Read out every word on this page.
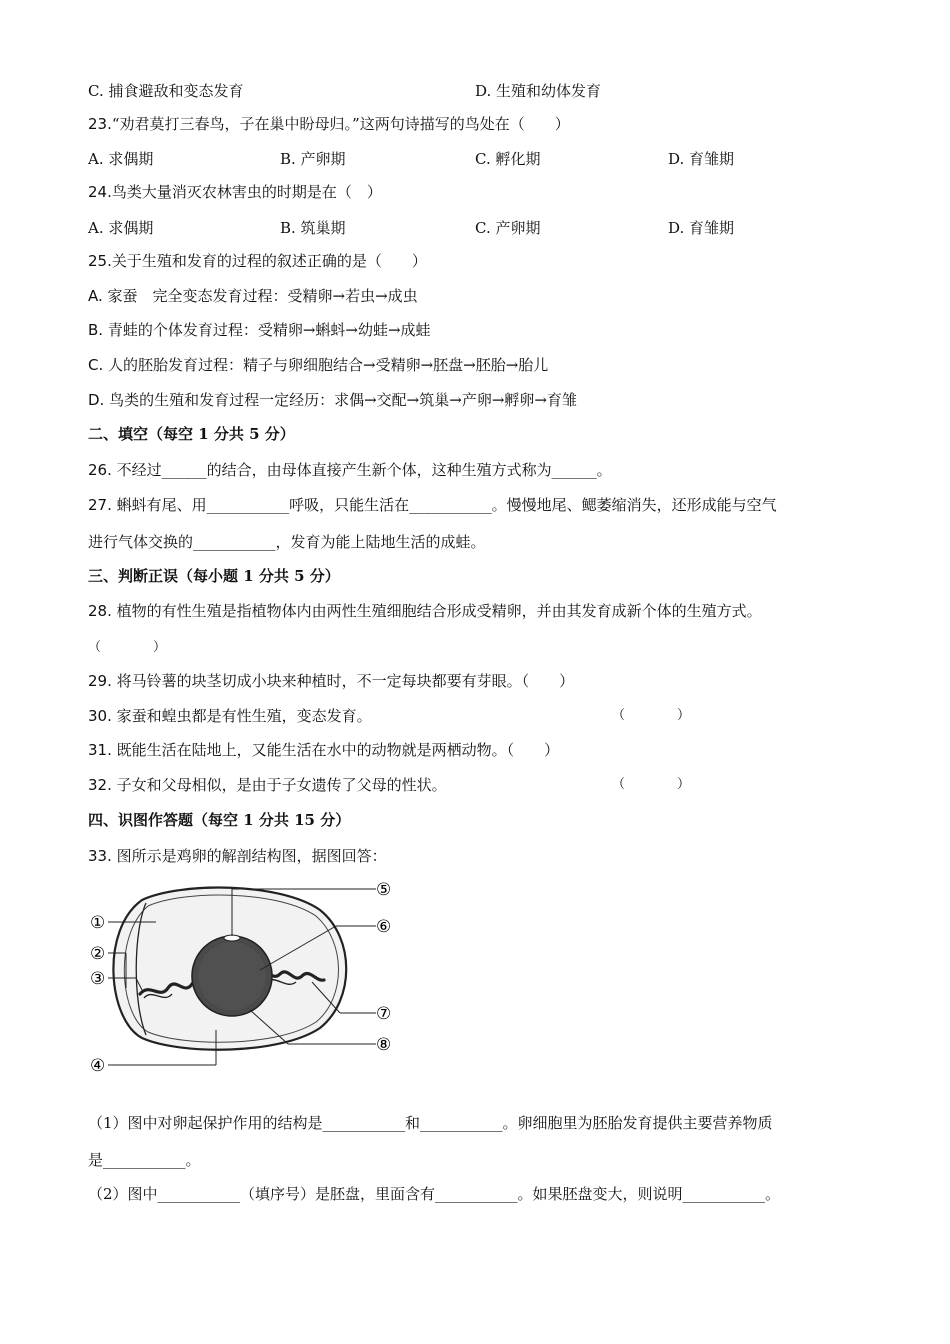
C. 捕食避敌和变态发育	D. 生殖和幼体发育
23.“劝君莫打三春鸟，子在巢中盼母归。”这两句诗描写的鸟处在（　　）
A. 求偶期	B. 产卵期	C. 孵化期	D. 育雏期
24.鸟类大量消灭农林害虫的时期是在（　）
A. 求偶期	B. 筑巢期	C. 产卵期	D. 育雏期
25.关于生殖和发育的过程的叙述正确的是（　　）
A. 家蚕　完全变态发育过程：受精卵→若虫→成虫
B. 青蛙的个体发育过程：受精卵→蝌蚪→幼蛙→成蛙
C. 人的胚胎发育过程：精子与卵细胞结合→受精卵→胚盘→胚胎→胎儿
D. 鸟类的生殖和发育过程一定经历：求偶→交配→筑巢→产卵→孵卵→育雏
二、填空（每空 1 分共 5 分）
26. 不经过______的结合，由母体直接产生新个体，这种生殖方式称为______。
27. 蝌蚪有尾、用___________呼吸，只能生活在___________。慢慢地尾、鳃萎缩消失，还形成能与空气
进行气体交换的___________，发育为能上陆地生活的成蛙。
三、判断正误（每小题 1 分共 5 分）
28. 植物的有性生殖是指植物体内由两性生殖细胞结合形成受精卵，并由其发育成新个体的生殖方式。
（　　　　）
29. 将马铃薯的块茎切成小块来种植时，不一定每块都要有芽眼。（　　）
30. 家蚕和蝗虫都是有性生殖，变态发育。	（　　　　）
31. 既能生活在陆地上，又能生活在水中的动物就是两栖动物。（　　）
32. 子女和父母相似，是由于子女遗传了父母的性状。	（　　　　）
四、识图作答题（每空 1 分共 15 分）
33. 图所示是鸡卵的解剖结构图，据图回答：
①
②
③
④
⑤
⑥
⑦
⑧
（1）图中对卵起保护作用的结构是___________和___________。卵细胞里为胚胎发育提供主要营养物质
是___________。
（2）图中___________（填序号）是胚盘，里面含有___________。如果胚盘变大，则说明___________。
